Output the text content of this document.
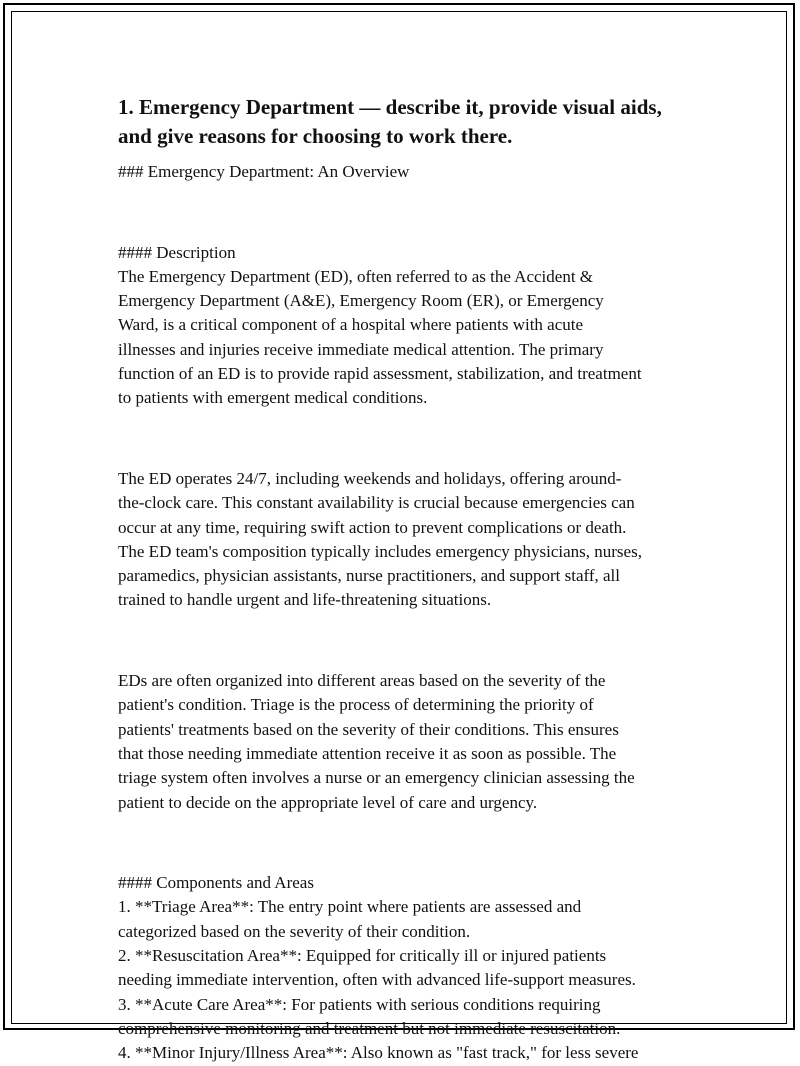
1. Emergency Department — describe it, provide visual aids,
and give reasons for choosing to work there.

### Emergency Department: An Overview

#### Description

The Emergency Department (ED), often referred to as the Accident &

Emergency Department (A&E), Emergency Room (ER), or Emergency

Ward, is a critical component of a hospital where patients with acute

illnesses and injuries receive immediate medical attention. The primary

function of an ED is to provide rapid assessment, stabilization, and treatment

to patients with emergent medical conditions.

The ED operates 24/7, including weekends and holidays, offering around-

the-clock care. This constant availability is crucial because emergencies can

occur at any time, requiring swift action to prevent complications or death.

The ED team's composition typically includes emergency physicians, nurses,

paramedics, physician assistants, nurse practitioners, and support staff, all

trained to handle urgent and life-threatening situations.

EDs are often organized into different areas based on the severity of the

patient's condition. Triage is the process of determining the priority of

patients' treatments based on the severity of their conditions. This ensures

that those needing immediate attention receive it as soon as possible. The

triage system often involves a nurse or an emergency clinician assessing the

patient to decide on the appropriate level of care and urgency.

#### Components and Areas

1. **Triage Area**: The entry point where patients are assessed and

categorized based on the severity of their condition.

2. **Resuscitation Area**: Equipped for critically ill or injured patients

needing immediate intervention, often with advanced life-support measures.

3. **Acute Care Area**: For patients with serious conditions requiring

comprehensive monitoring and treatment but not immediate resuscitation.

4. **Minor Injury/Illness Area**: Also known as "fast track," for less severe
